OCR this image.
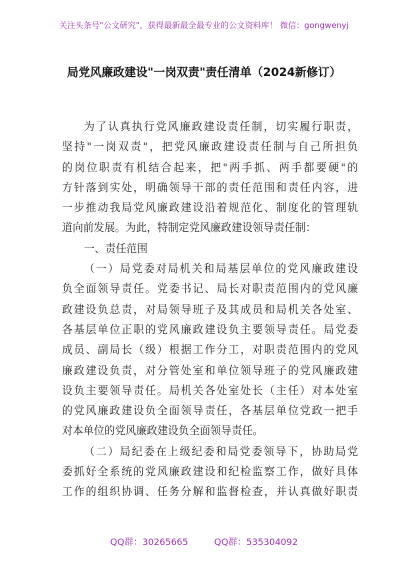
关注头条号"公文研究"，获得最新最全最专业的公文资料库！ 微信：gongwenyj
局党风廉政建设"一岗双责"责任清单（2024新修订）
为了认真执行党风廉政建设责任制，切实履行职责，
坚持"一岗双责"，把党风廉政建设责任制与自己所担负
的岗位职责有机结合起来，把"两手抓、两手都要硬"的
方针落到实处，明确领导干部的责任范围和责任内容，进
一步推动我局党风廉政建设沿着规范化、制度化的管理轨
道向前发展。为此，特制定党风廉政建设领导责任制：
一、责任范围
（一）局党委对局机关和局基层单位的党风廉政建设
负全面领导责任。党委书记、局长对职责范围内的党风廉
政建设负总责，对局领导班子及其成员和局机关各处室、
各基层单位正职的党风廉政建设负主要领导责任。局党委
成员、副局长（级）根据工作分工，对职责范围内的党风
廉政建设负责，对分管处室和单位领导班子的党风廉政建
设负主要领导责任。局机关各处室处长（主任）对本处室
的党风廉政建设负全面领导责任，各基层单位党政一把手
对本单位的党风廉政建设负全面领导责任。
（二）局纪委在上级纪委和局党委领导下，协助局党
委抓好全系统的党风廉政建设和纪检监察工作，做好具体
工作的组织协调、任务分解和监督检查，并认真做好职责
QQ群：30265665	QQ群：535304092
